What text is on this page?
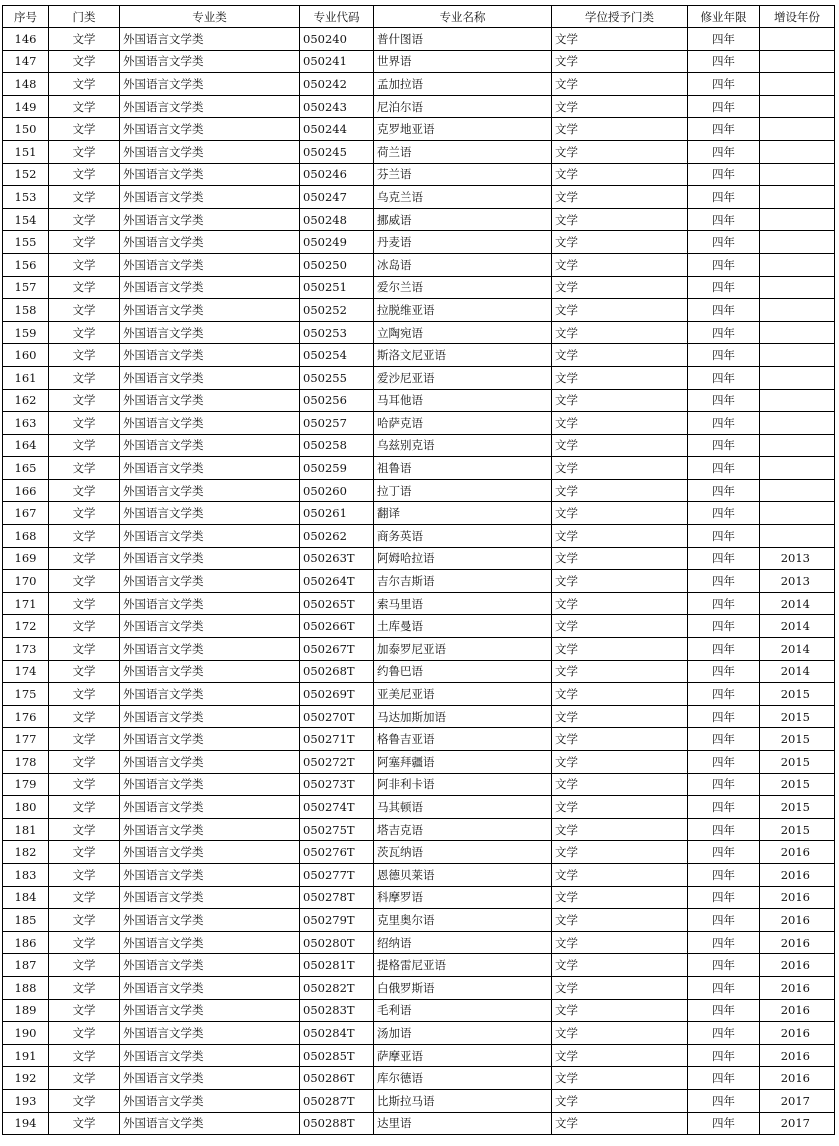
序号	门类	专业类	专业代码	专业名称	学位授予门类	修业年限	增设年份
146	文学	外国语言文学类	050240	普什图语	文学	四年	
147	文学	外国语言文学类	050241	世界语	文学	四年	
148	文学	外国语言文学类	050242	孟加拉语	文学	四年	
149	文学	外国语言文学类	050243	尼泊尔语	文学	四年	
150	文学	外国语言文学类	050244	克罗地亚语	文学	四年	
151	文学	外国语言文学类	050245	荷兰语	文学	四年	
152	文学	外国语言文学类	050246	芬兰语	文学	四年	
153	文学	外国语言文学类	050247	乌克兰语	文学	四年	
154	文学	外国语言文学类	050248	挪威语	文学	四年	
155	文学	外国语言文学类	050249	丹麦语	文学	四年	
156	文学	外国语言文学类	050250	冰岛语	文学	四年	
157	文学	外国语言文学类	050251	爱尔兰语	文学	四年	
158	文学	外国语言文学类	050252	拉脱维亚语	文学	四年	
159	文学	外国语言文学类	050253	立陶宛语	文学	四年	
160	文学	外国语言文学类	050254	斯洛文尼亚语	文学	四年	
161	文学	外国语言文学类	050255	爱沙尼亚语	文学	四年	
162	文学	外国语言文学类	050256	马耳他语	文学	四年	
163	文学	外国语言文学类	050257	哈萨克语	文学	四年	
164	文学	外国语言文学类	050258	乌兹别克语	文学	四年	
165	文学	外国语言文学类	050259	祖鲁语	文学	四年	
166	文学	外国语言文学类	050260	拉丁语	文学	四年	
167	文学	外国语言文学类	050261	翻译	文学	四年	
168	文学	外国语言文学类	050262	商务英语	文学	四年	
169	文学	外国语言文学类	050263T	阿姆哈拉语	文学	四年	2013
170	文学	外国语言文学类	050264T	吉尔吉斯语	文学	四年	2013
171	文学	外国语言文学类	050265T	索马里语	文学	四年	2014
172	文学	外国语言文学类	050266T	土库曼语	文学	四年	2014
173	文学	外国语言文学类	050267T	加泰罗尼亚语	文学	四年	2014
174	文学	外国语言文学类	050268T	约鲁巴语	文学	四年	2014
175	文学	外国语言文学类	050269T	亚美尼亚语	文学	四年	2015
176	文学	外国语言文学类	050270T	马达加斯加语	文学	四年	2015
177	文学	外国语言文学类	050271T	格鲁吉亚语	文学	四年	2015
178	文学	外国语言文学类	050272T	阿塞拜疆语	文学	四年	2015
179	文学	外国语言文学类	050273T	阿非利卡语	文学	四年	2015
180	文学	外国语言文学类	050274T	马其顿语	文学	四年	2015
181	文学	外国语言文学类	050275T	塔吉克语	文学	四年	2015
182	文学	外国语言文学类	050276T	茨瓦纳语	文学	四年	2016
183	文学	外国语言文学类	050277T	恩德贝莱语	文学	四年	2016
184	文学	外国语言文学类	050278T	科摩罗语	文学	四年	2016
185	文学	外国语言文学类	050279T	克里奥尔语	文学	四年	2016
186	文学	外国语言文学类	050280T	绍纳语	文学	四年	2016
187	文学	外国语言文学类	050281T	提格雷尼亚语	文学	四年	2016
188	文学	外国语言文学类	050282T	白俄罗斯语	文学	四年	2016
189	文学	外国语言文学类	050283T	毛利语	文学	四年	2016
190	文学	外国语言文学类	050284T	汤加语	文学	四年	2016
191	文学	外国语言文学类	050285T	萨摩亚语	文学	四年	2016
192	文学	外国语言文学类	050286T	库尔德语	文学	四年	2016
193	文学	外国语言文学类	050287T	比斯拉马语	文学	四年	2017
194	文学	外国语言文学类	050288T	达里语	文学	四年	2017
